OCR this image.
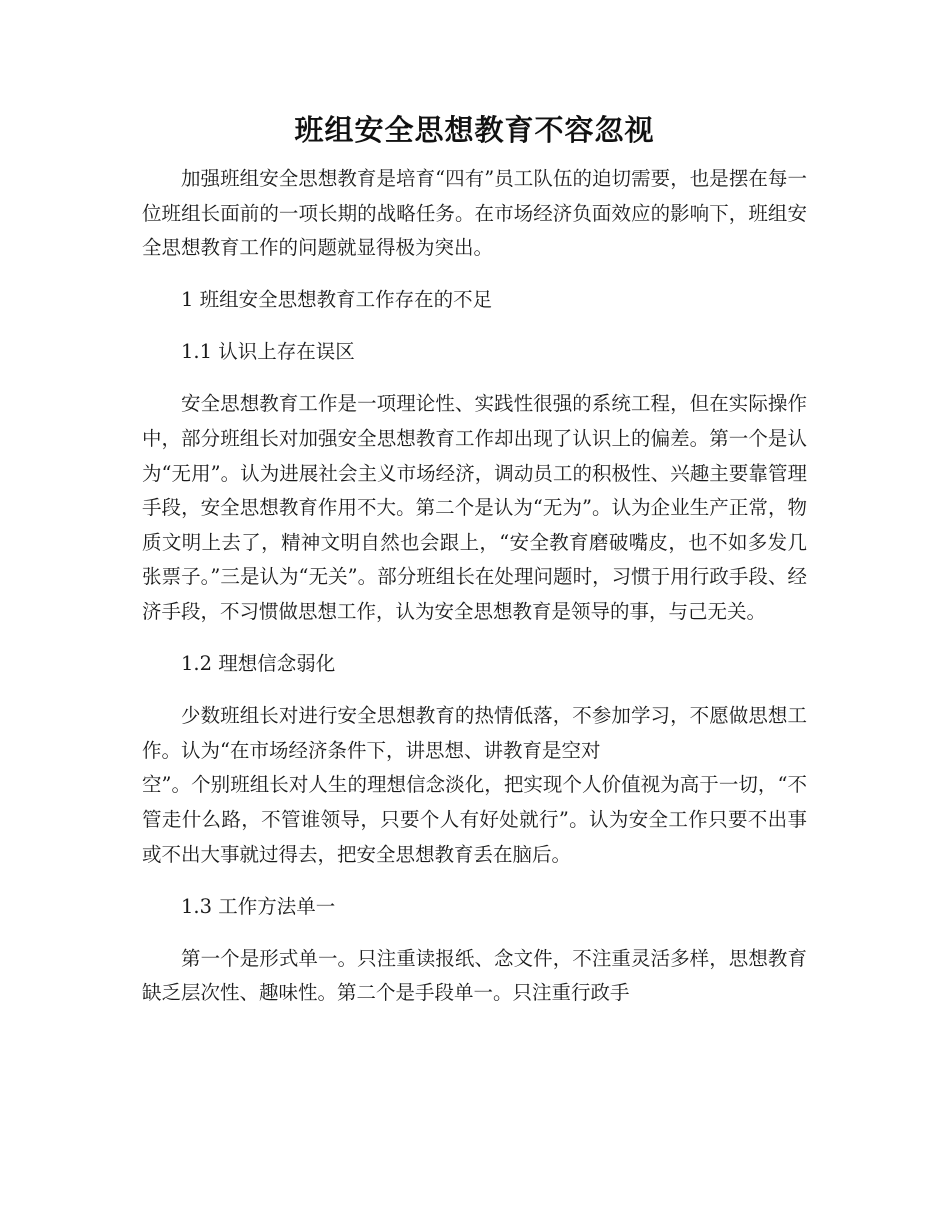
班组安全思想教育不容忽视

加强班组安全思想教育是培育“四有”员工队伍的迫切需要，也是摆在每一位班组长面前的一项长期的战略任务。在市场经济负面效应的影响下，班组安全思想教育工作的问题就显得极为突出。

1 班组安全思想教育工作存在的不足

1.1 认识上存在误区

安全思想教育工作是一项理论性、实践性很强的系统工程，但在实际操作中，部分班组长对加强安全思想教育工作却出现了认识上的偏差。第一个是认为“无用”。认为进展社会主义市场经济，调动员工的积极性、兴趣主要靠管理手段，安全思想教育作用不大。第二个是认为“无为”。认为企业生产正常，物质文明上去了，精神文明自然也会跟上，“安全教育磨破嘴皮，也不如多发几张票子。”三是认为“无关”。部分班组长在处理问题时，习惯于用行政手段、经济手段，不习惯做思想工作，认为安全思想教育是领导的事，与己无关。

1.2 理想信念弱化

少数班组长对进行安全思想教育的热情低落，不参加学习，不愿做思想工作。认为“在市场经济条件下，讲思想、讲教育是空对

空”。个别班组长对人生的理想信念淡化，把实现个人价值视为高于一切，“不管走什么路，不管谁领导，只要个人有好处就行”。认为安全工作只要不出事或不出大事就过得去，把安全思想教育丢在脑后。

1.3 工作方法单一

第一个是形式单一。只注重读报纸、念文件，不注重灵活多样，思想教育缺乏层次性、趣味性。第二个是手段单一。只注重行政手
